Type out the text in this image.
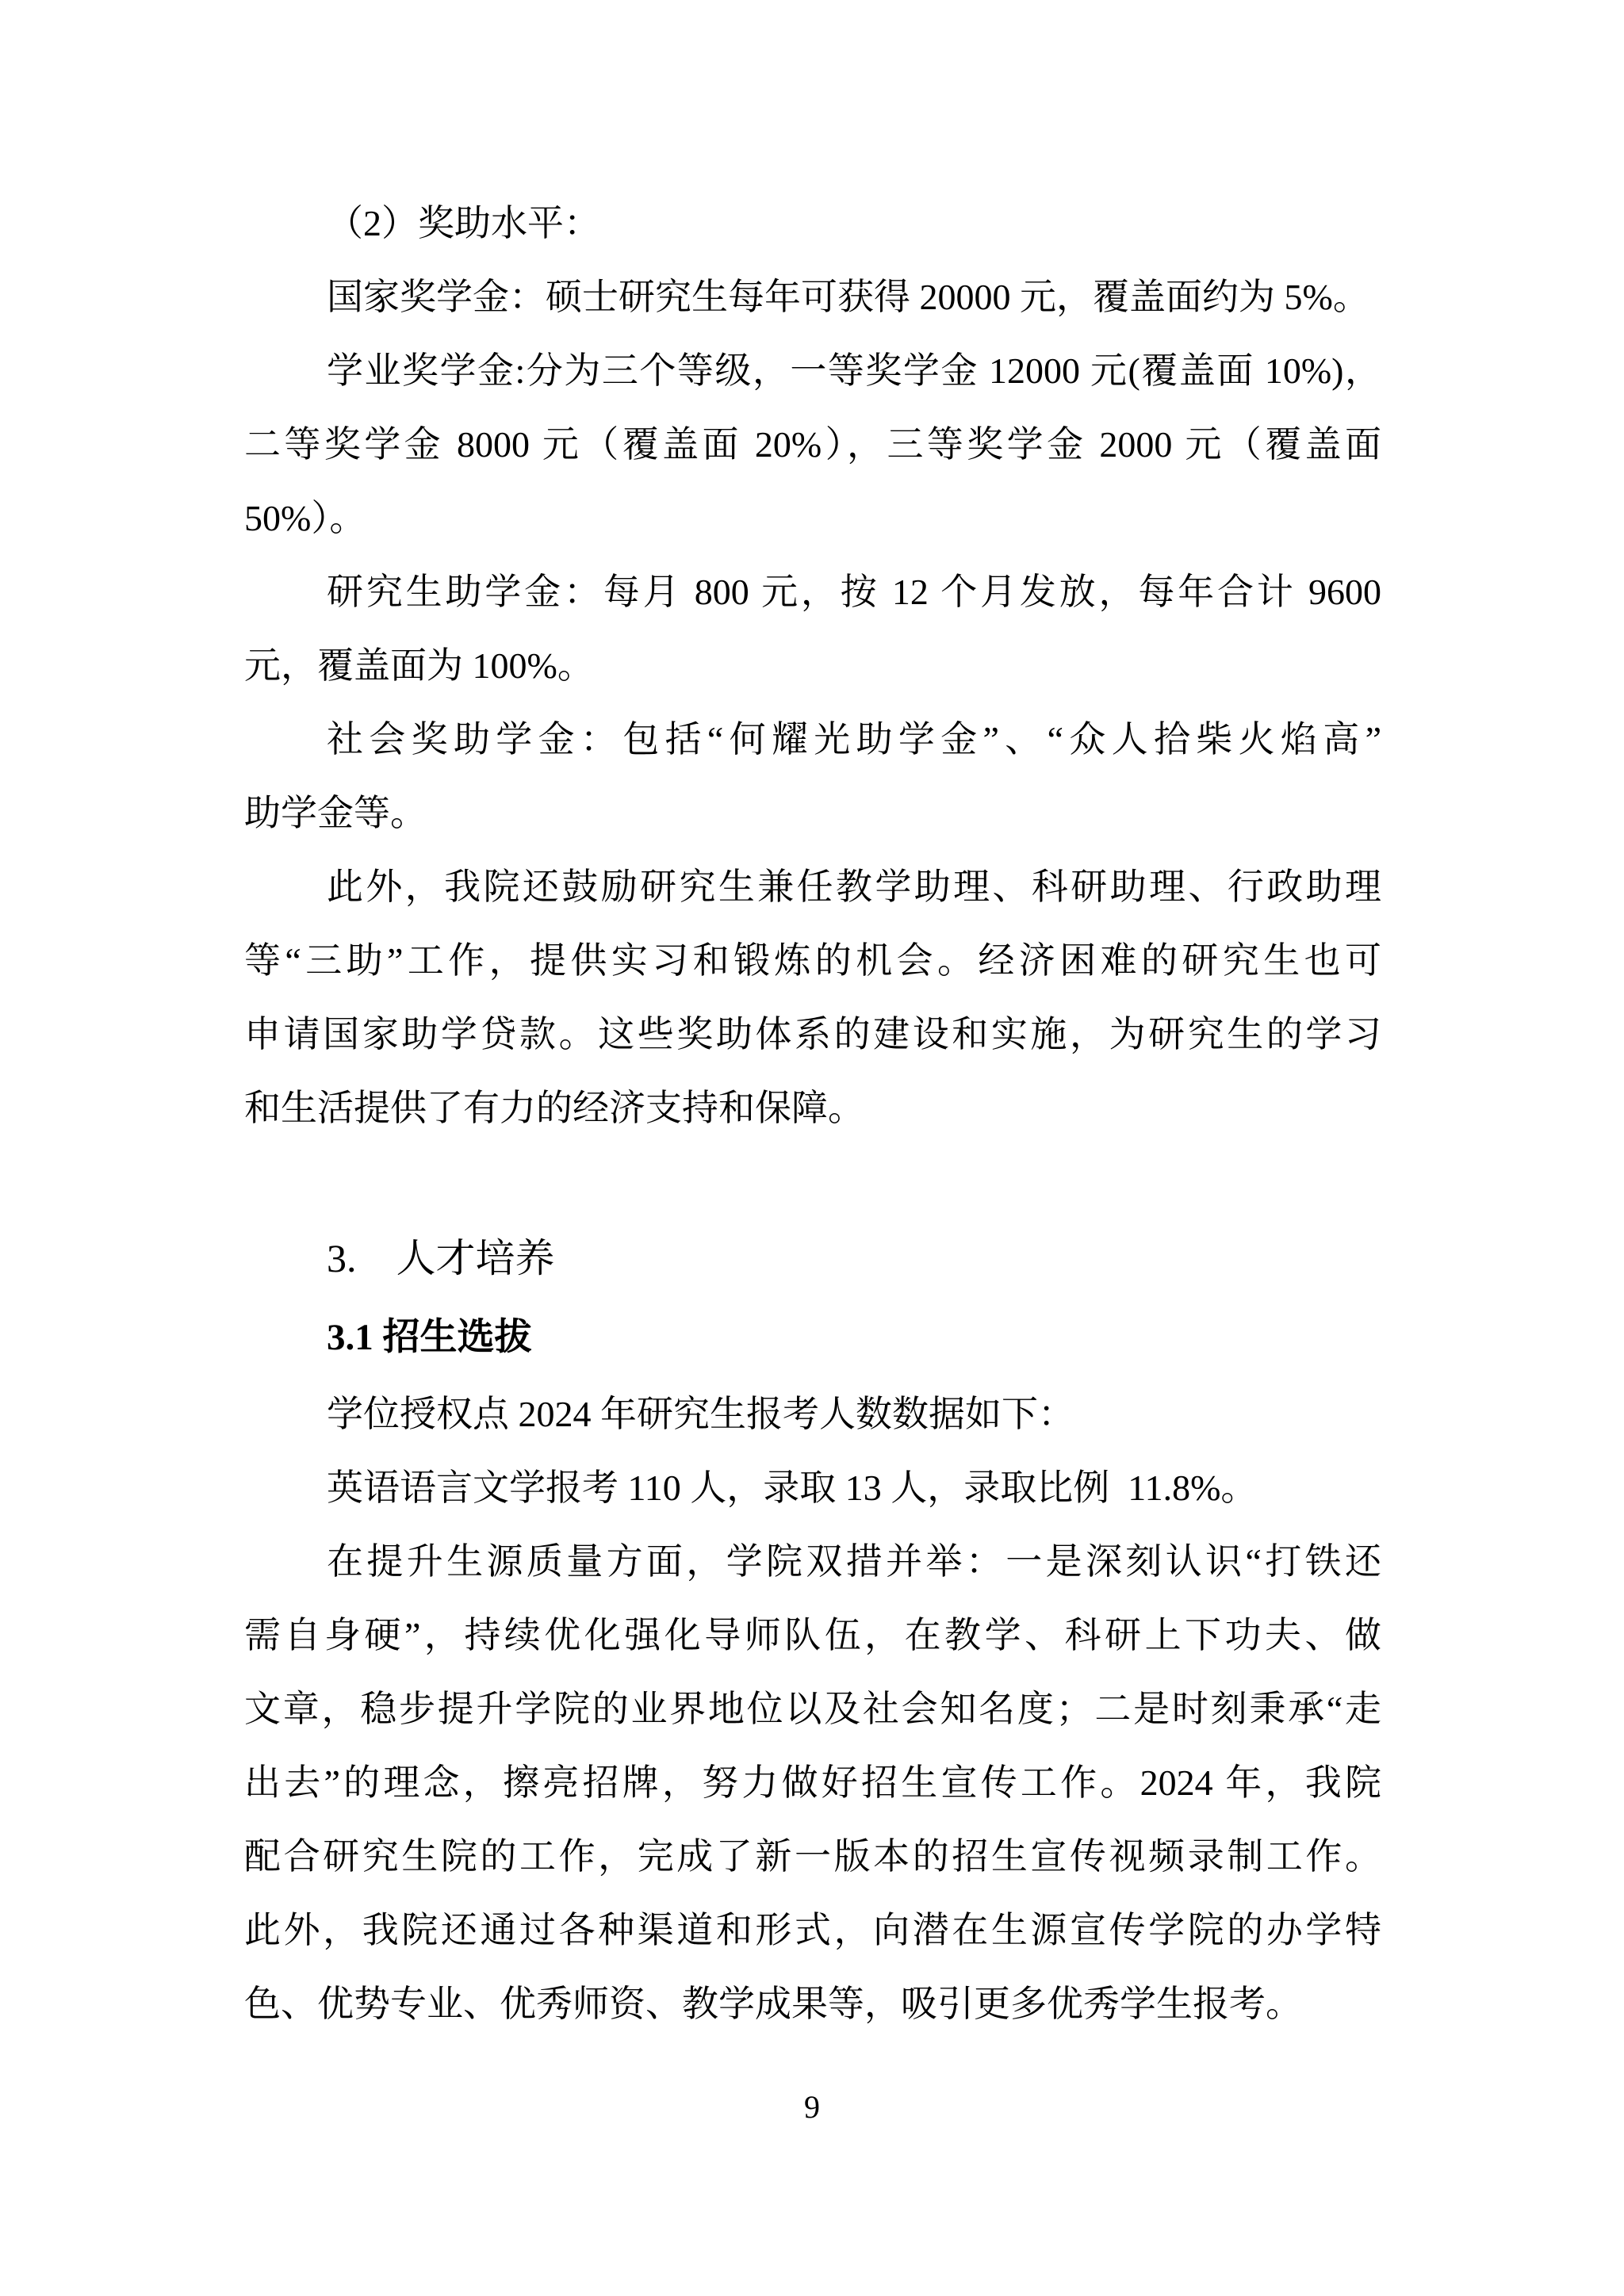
（2）奖助水平：
国家奖学金：硕士研究生每年可获得 20000 元，覆盖面约为 5%。
学业奖学金:分为三个等级，一等奖学金 12000 元(覆盖面 10%)，
二等奖学金 8000 元（覆盖面 20%），三等奖学金 2000 元（覆盖面
50%）。
研究生助学金：每月 800 元，按 12 个月发放，每年合计 9600
元，覆盖面为 100%。
社会奖助学金：包括“何耀光助学金”、“众人拾柴火焰高”
助学金等。
此外，我院还鼓励研究生兼任教学助理、科研助理、行政助理
等“三助”工作，提供实习和锻炼的机会。经济困难的研究生也可
申请国家助学贷款。这些奖助体系的建设和实施，为研究生的学习
和生活提供了有力的经济支持和保障。
3.　人才培养
3.1 招生选拔
学位授权点 2024 年研究生报考人数数据如下：
英语语言文学报考 110 人，录取 13 人，录取比例  11.8%。
在提升生源质量方面，学院双措并举：一是深刻认识“打铁还
需自身硬”，持续优化强化导师队伍，在教学、科研上下功夫、做
文章，稳步提升学院的业界地位以及社会知名度；二是时刻秉承“走
出去”的理念，擦亮招牌，努力做好招生宣传工作。2024 年，我院
配合研究生院的工作，完成了新一版本的招生宣传视频录制工作。
此外，我院还通过各种渠道和形式，向潜在生源宣传学院的办学特
色、优势专业、优秀师资、教学成果等，吸引更多优秀学生报考。
9
